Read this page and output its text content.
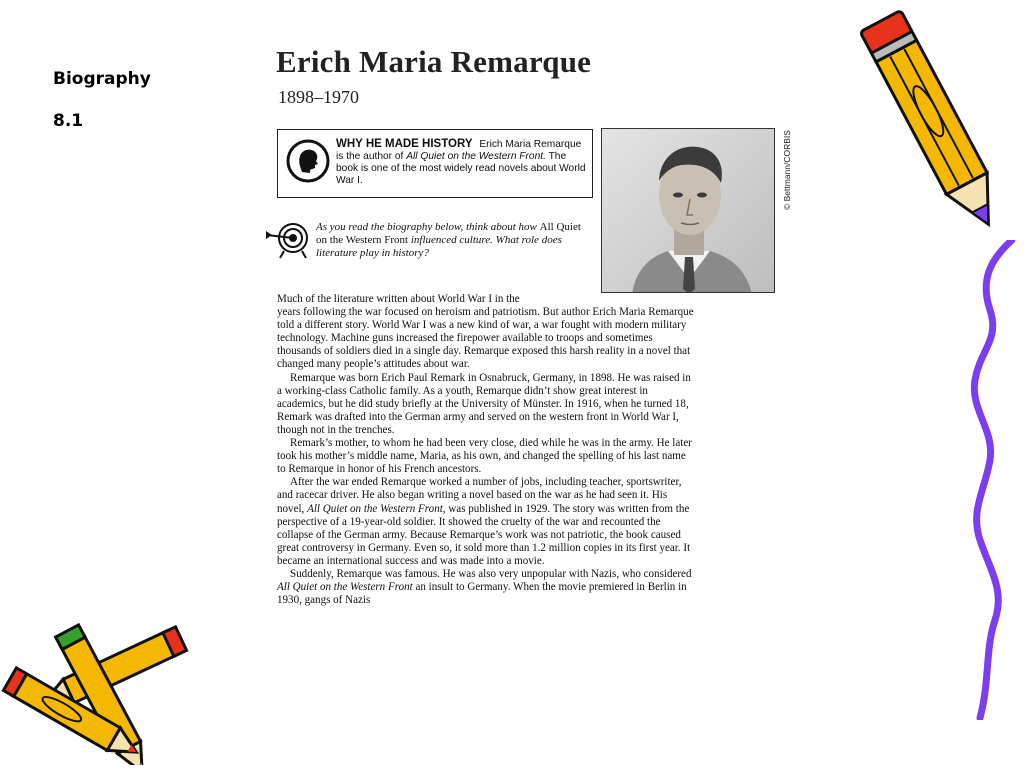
Biography
8.1
Erich Maria Remarque
1898–1970
WHY HE MADE HISTORY Erich Maria Remarque is the author of All Quiet on the Western Front. The book is one of the most widely read novels about World War I.	© Bettmann/CORBIS
As you read the biography below, think about how All Quiet on the Western Front influenced culture. What role does literature play in history?

Much of the literature written about World War I in the

years following the war focused on heroism and patriotism. But author Erich Maria Remarque told a different story. World War I was a new kind of war, a war fought with modern military technology. Machine guns increased the firepower available to troops and sometimes thousands of soldiers died in a single day. Remarque exposed this harsh reality in a novel that changed many people’s attitudes about war.

Remarque was born Erich Paul Remark in Osnabruck, Germany, in 1898. He was raised in a working-class Catholic family. As a youth, Remarque didn’t show great interest in academics, but he did study briefly at the University of Münster. In 1916, when he turned 18, Remark was drafted into the German army and served on the western front in World War I, though not in the trenches.

Remark’s mother, to whom he had been very close, died while he was in the army. He later took his mother’s middle name, Maria, as his own, and changed the spelling of his last name to Remarque in honor of his French ancestors.

After the war ended Remarque worked a number of jobs, including teacher, sportswriter, and racecar driver. He also began writing a novel based on the war as he had seen it. His novel, All Quiet on the Western Front, was published in 1929. The story was written from the perspective of a 19-year-old soldier. It showed the cruelty of the war and recounted the collapse of the German army. Because Remarque’s work was not patriotic, the book caused great controversy in Germany. Even so, it sold more than 1.2 million copies in its first year. It became an international success and was made into a movie.

Suddenly, Remarque was famous. He was also very unpopular with Nazis, who considered All Quiet on the Western Front an insult to Germany. When the movie premiered in Berlin in 1930, gangs of Nazis
